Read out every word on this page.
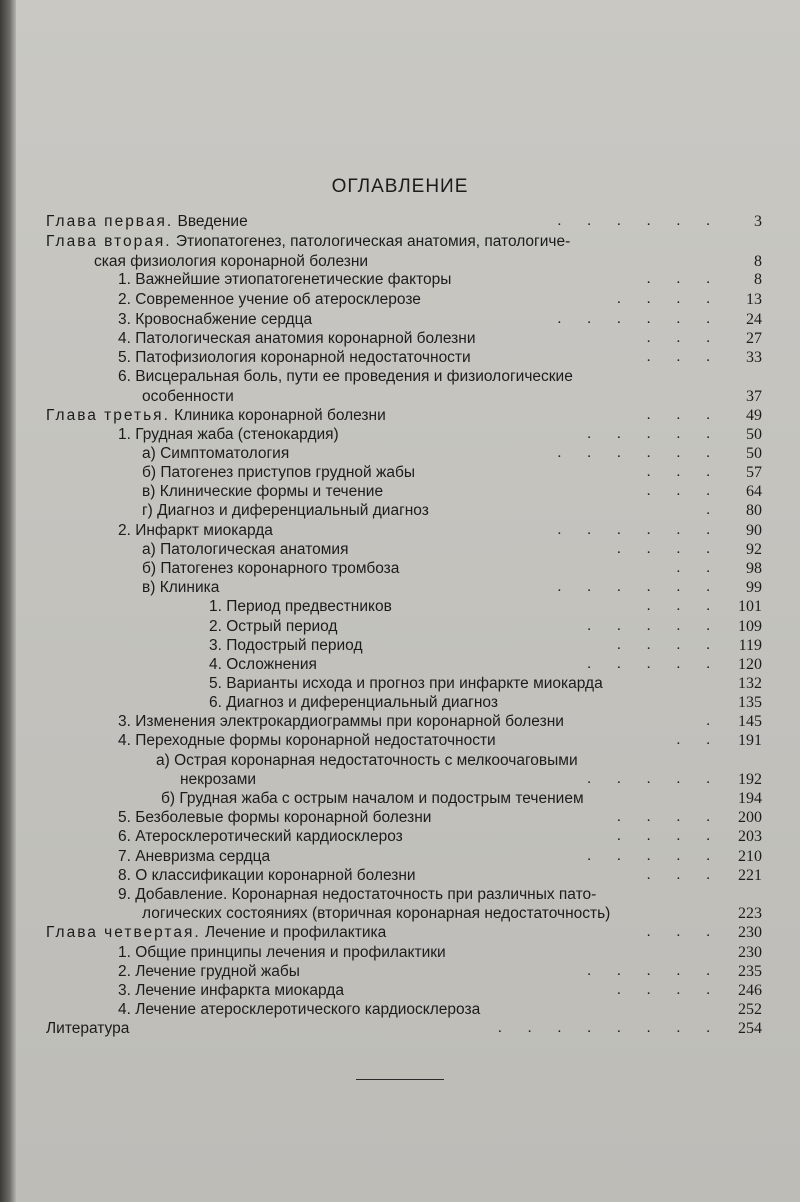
ОГЛАВЛЕНИЕ
Глава первая. Введение	......	3
Глава вторая. Этиопатогенез, патологическая анатомия, патологиче-
ская физиология коронарной болезни	8
1. Важнейшие этиопатогенетические факторы	...	8
2. Современное учение об атеросклерозе	.... 13
3. Кровоснабжение сердца	...... 24
4. Патологическая анатомия коронарной болезни	... 27
5. Патофизиология коронарной недостаточности	... 33
6. Висцеральная боль, пути ее проведения и физиологические
особенности	37
Глава третья. Клиника коронарной болезни	... 49
1. Грудная жаба (стенокардия)	..... 50
а) Симптоматология	...... 50
б) Патогенез приступов грудной жабы	... 57
в) Клинические формы и течение	... 64
г) Диагноз и диференциальный диагноз	. 80
2. Инфаркт миокарда	...... 90
а) Патологическая анатомия	.... 92
б) Патогенез коронарного тромбоза	.. 98
в) Клиника	...... 99
1. Период предвестников	... 101
2. Острый период	..... 109
3. Подострый период	.... 119
4. Осложнения	..... 120
5. Варианты исхода и прогноз при инфаркте миокарда	132
6. Диагноз и диференциальный диагноз	135
3. Изменения электрокардиограммы при коронарной болезни	. 145
4. Переходные формы коронарной недостаточности	.. 191
а) Острая коронарная недостаточность с мелкоочаговыми
некрозами	..... 192
б) Грудная жаба с острым началом и подострым течением	194
5. Безболевые формы коронарной болезни	.... 200
6. Атеросклеротический кардиосклероз	.... 203
7. Аневризма сердца	..... 210
8. О классификации коронарной болезни	... 221
9. Добавление. Коронарная недостаточность при различных пато-
логических состояниях (вторичная коронарная недостаточность)	223
Глава четвертая. Лечение и профилактика	... 230
1. Общие принципы лечения и профилактики	230
2. Лечение грудной жабы	..... 235
3. Лечение инфаркта миокарда	.... 246
4. Лечение атеросклеротического кардиосклероза	252
Литература	........ 254
